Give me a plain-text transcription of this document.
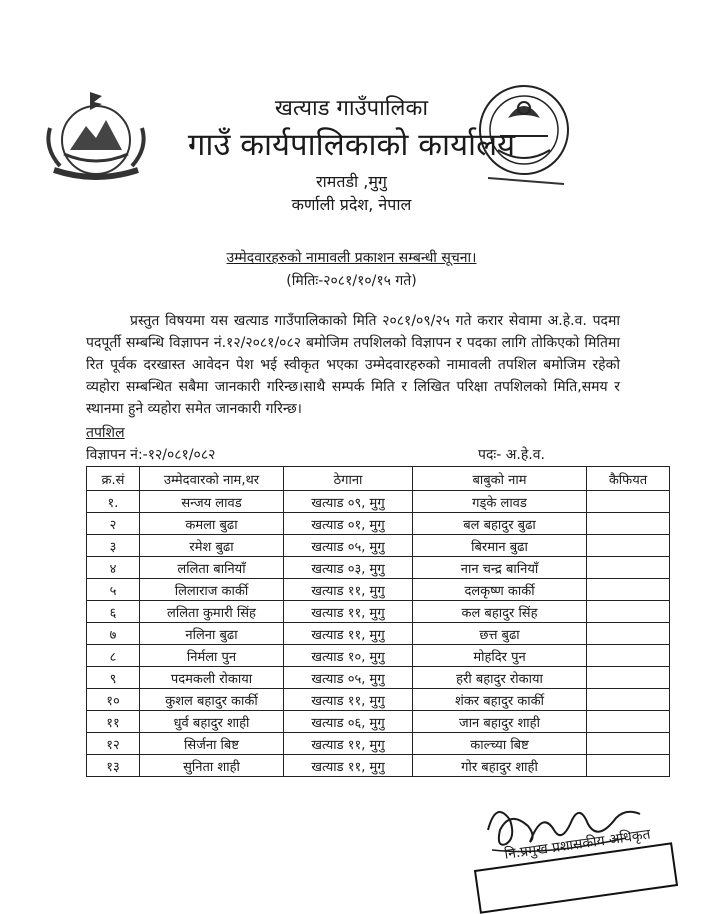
खत्याड गाउँपालिका
गाउँ कार्यपालिकाको कार्यालय
रामतडी ,मुगु
कर्णाली प्रदेश, नेपाल
उम्मेदवारहरुको नामावली प्रकाशन सम्बन्धी सूचना।
(मितिः-२०८१/१०/१५ गते)

प्रस्तुत विषयमा यस खत्याड गाउँपालिकाको मिति २०८१/०९/२५ गते करार सेवामा अ.हे.व. पदमा पदपूर्ती सम्बन्धि विज्ञापन नं.१२/२०८१/०८२ बमोजिम तपशिलको विज्ञापन र पदका लागि तोकिएको मितिमा रित पूर्वक दरखास्त आवेदन पेश भई स्वीकृत भएका उम्मेदवारहरुको नामावली तपशिल बमोजिम रहेको व्यहोरा सम्बन्धित सबैमा जानकारी गरिन्छ।साथै सम्पर्क मिति र लिखित परिक्षा तपशिलको मिति,समय र स्थानमा हुने व्यहोरा समेत जानकारी गरिन्छ।

तपशिल
विज्ञापन नं:-१२/०८१/०८२	पदः- अ.हे.व.
क्र.सं	उम्मेदवारको नाम,थर	ठेगाना	बाबुको नाम	कैफियत
१.	सन्जय लावड	खत्याड ०९, मुगु	गड्के लावड	
२	कमला बुढा	खत्याड ०१, मुगु	बल बहादुर बुढा	
३	रमेश बुढा	खत्याड ०५, मुगु	बिरमान बुढा	
४	ललिता बानियाँ	खत्याड ०३, मुगु	नान चन्द्र बानियाँ	
५	लिलाराज कार्की	खत्याड ११, मुगु	दलकृष्ण कार्की	
६	ललिता कुमारी सिंह	खत्याड ११, मुगु	कल बहादुर सिंह	
७	नलिना बुढा	खत्याड ११, मुगु	छत्त बुढा	
८	निर्मला पुन	खत्याड १०, मुगु	मोहदिर पुन	
९	पदमकली रोकाया	खत्याड ०५, मुगु	हरी बहादुर रोकाया	
१०	कुशल बहादुर कार्की	खत्याड ११, मुगु	शंकर बहादुर कार्की	
११	धुर्व बहादुर शाही	खत्याड ०६, मुगु	जान बहादुर शाही	
१२	सिर्जना बिष्ट	खत्याड ११, मुगु	काल्च्या बिष्ट	
१३	सुनिता शाही	खत्याड ११, मुगु	गोर बहादुर शाही	
नि.प्रमुख प्रशासकीय अधिकृत
